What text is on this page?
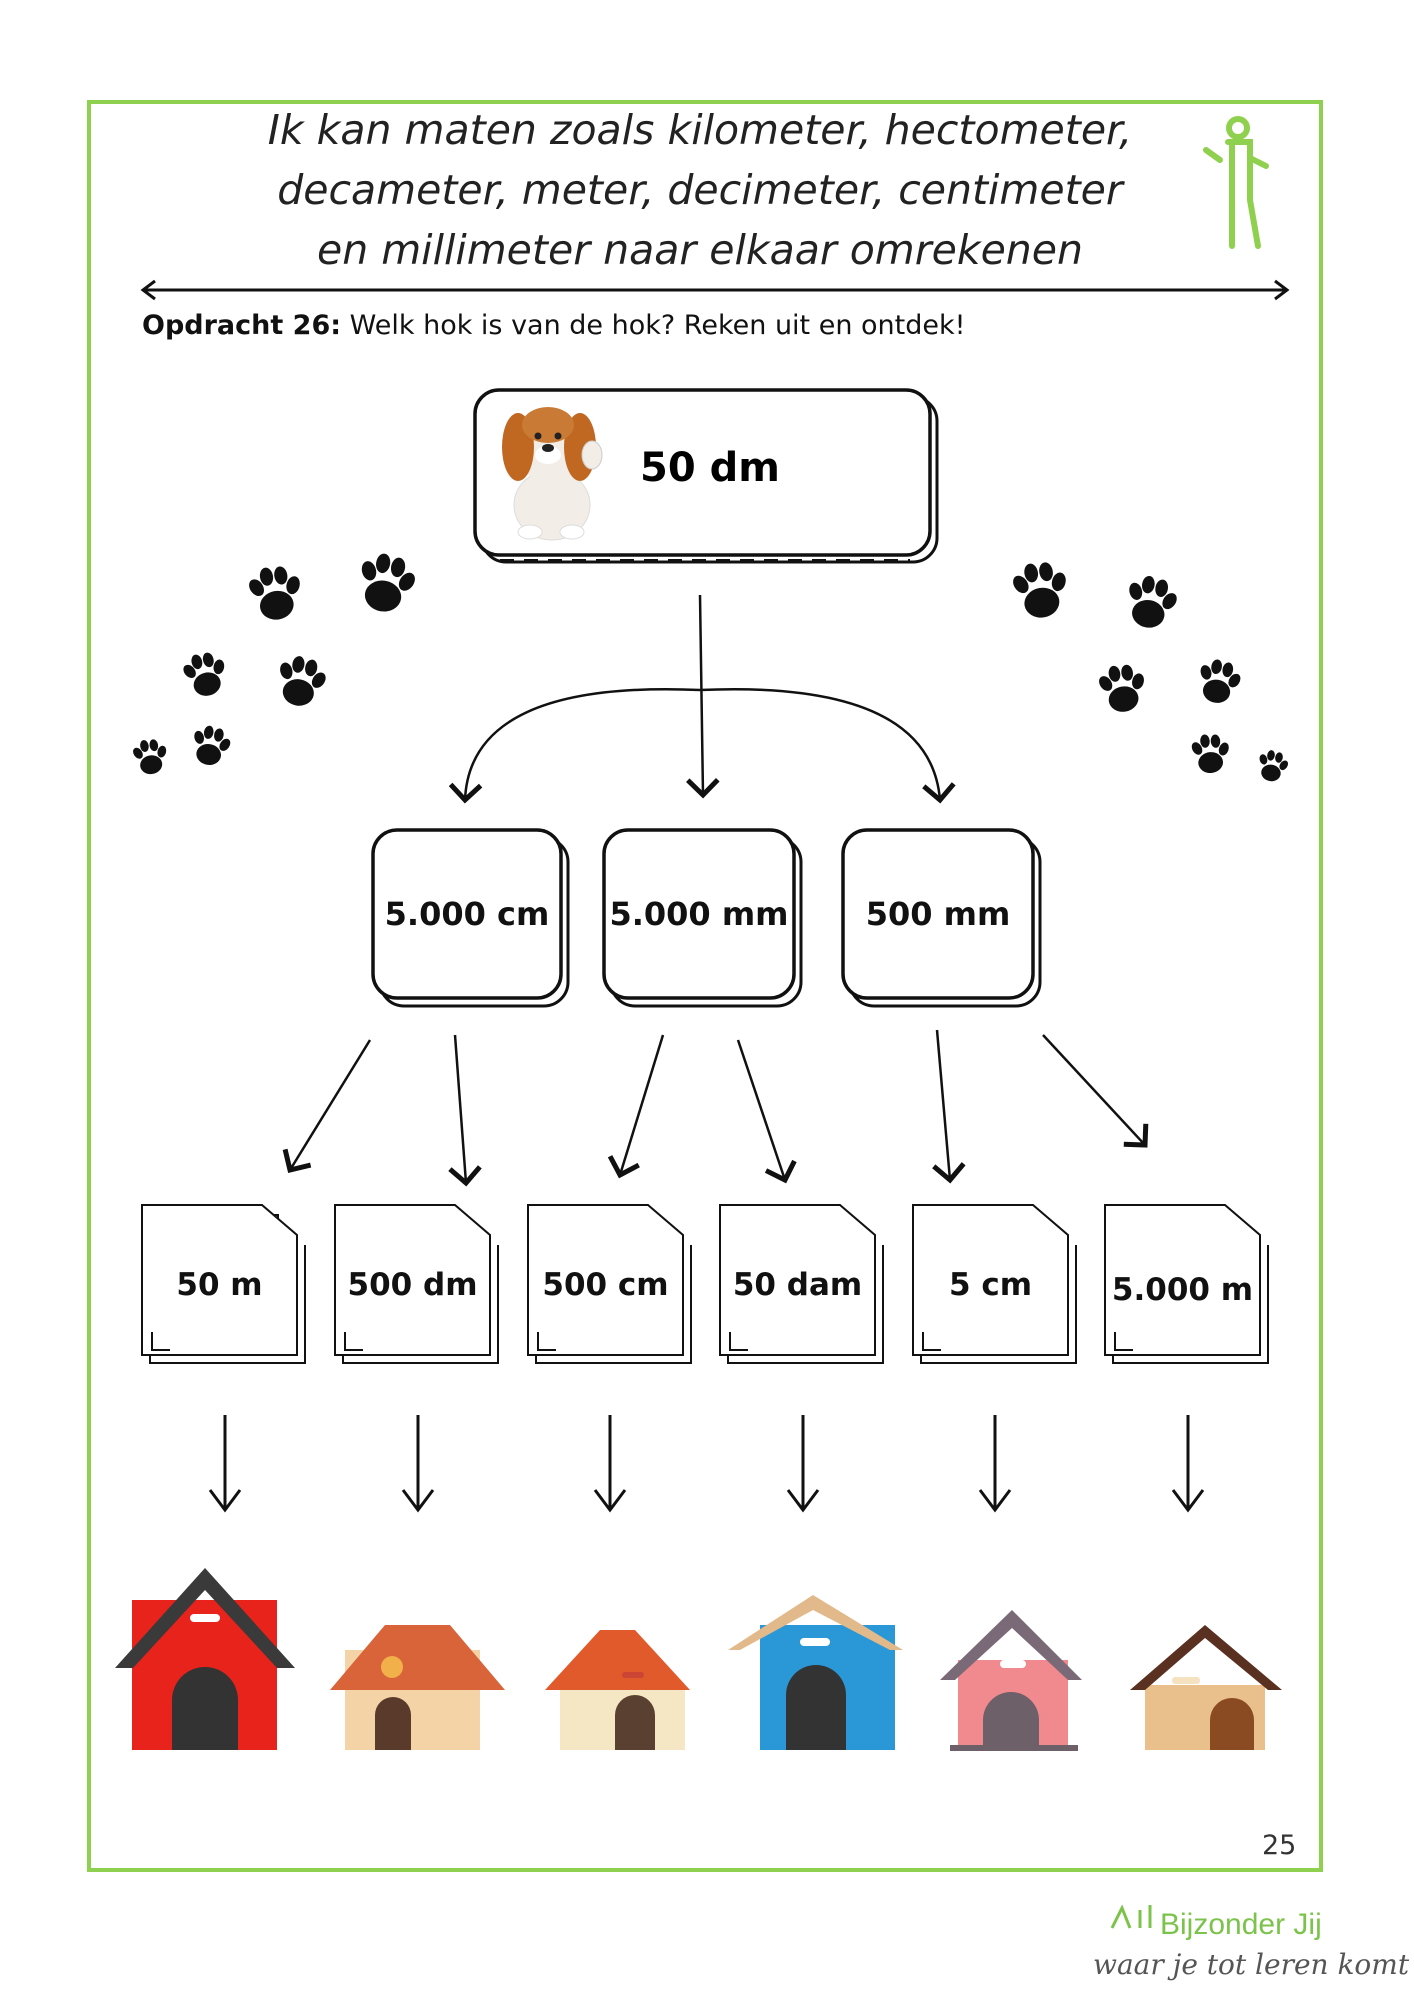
Ik kan maten zoals kilometer, hectometer,
decameter, meter, decimeter, centimeter
en millimeter naar elkaar omrekenen
Opdracht 26: Welk hok is van de hok? Reken uit en ontdek!
50 dm
5.000 cm	5.000 mm	500 mm
50 m	500 dm	500 cm	50 dam	5 cm	5.000 m
25
Bijzonder Jij
waar je tot leren komt
